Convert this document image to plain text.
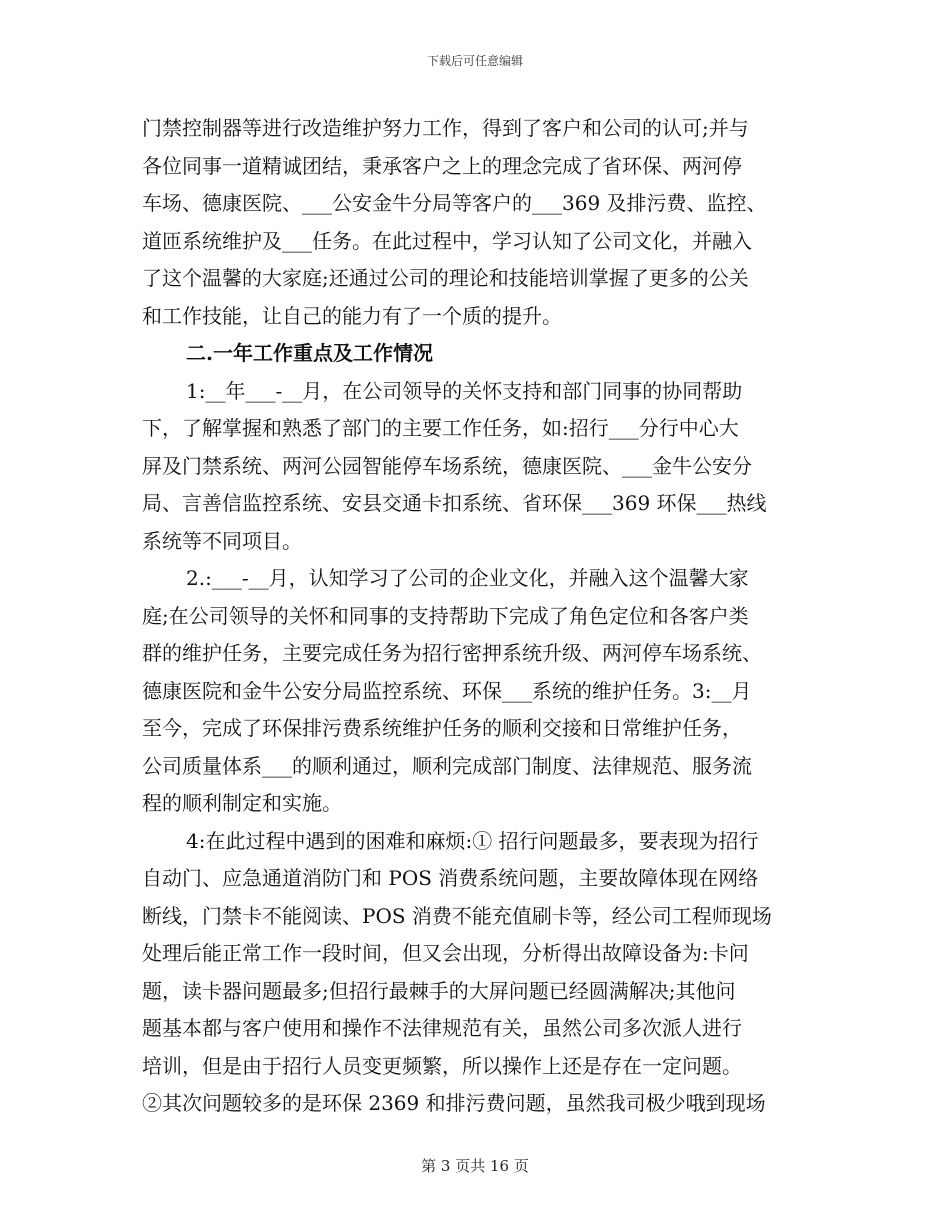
下载后可任意编辑
门禁控制器等进行改造维护努力工作，得到了客户和公司的认可;并与
各位同事一道精诚团结，秉承客户之上的理念完成了省环保、两河停
车场、德康医院、___公安金牛分局等客户的___369 及排污费、监控、
道匝系统维护及___任务。在此过程中，学习认知了公司文化，并融入
了这个温馨的大家庭;还通过公司的理论和技能培训掌握了更多的公关
和工作技能，让自己的能力有了一个质的提升。
二.一年工作重点及工作情况
1:__年___-__月，在公司领导的关怀支持和部门同事的协同帮助
下，了解掌握和熟悉了部门的主要工作任务，如:招行___分行中心大
屏及门禁系统、两河公园智能停车场系统，德康医院、___金牛公安分
局、言善信监控系统、安县交通卡扣系统、省环保___369 环保___热线
系统等不同项目。
2.:___-__月，认知学习了公司的企业文化，并融入这个温馨大家
庭;在公司领导的关怀和同事的支持帮助下完成了角色定位和各客户类
群的维护任务，主要完成任务为招行密押系统升级、两河停车场系统、
德康医院和金牛公安分局监控系统、环保___系统的维护任务。3:__月
至今，完成了环保排污费系统维护任务的顺利交接和日常维护任务，
公司质量体系___的顺利通过，顺利完成部门制度、法律规范、服务流
程的顺利制定和实施。
4:在此过程中遇到的困难和麻烦:① 招行问题最多，要表现为招行
自动门、应急通道消防门和 POS 消费系统问题，主要故障体现在网络
断线，门禁卡不能阅读、POS 消费不能充值刷卡等，经公司工程师现场
处理后能正常工作一段时间，但又会出现，分析得出故障设备为:卡问
题，读卡器问题最多;但招行最棘手的大屏问题已经圆满解决;其他问
题基本都与客户使用和操作不法律规范有关，虽然公司多次派人进行
培训，但是由于招行人员变更频繁，所以操作上还是存在一定问题。
②其次问题较多的是环保 2369 和排污费问题，虽然我司极少哦到现场
第 3 页共 16 页
